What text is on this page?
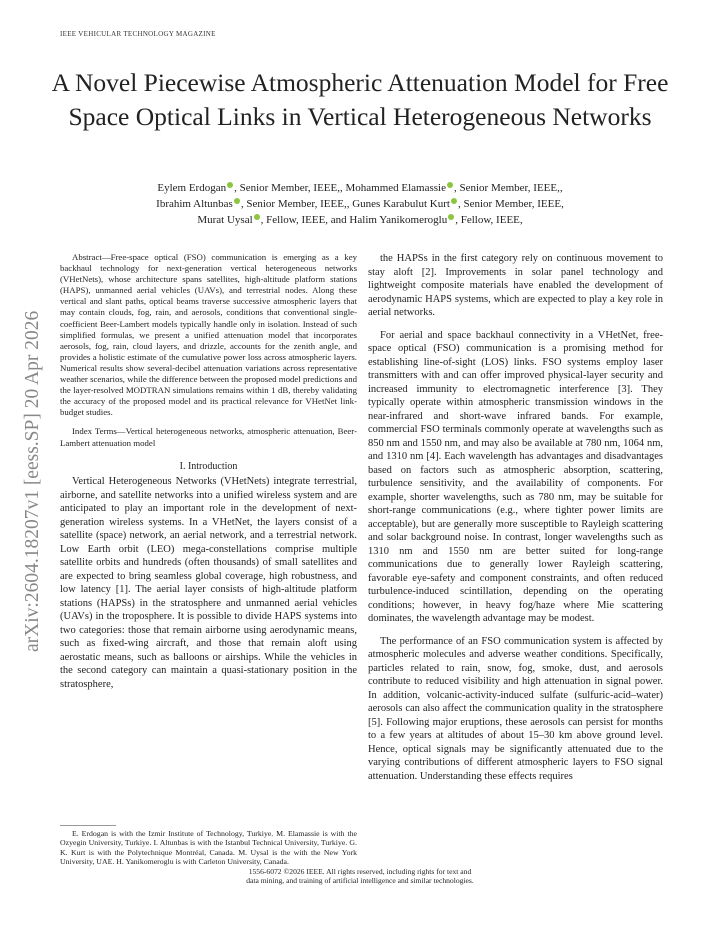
IEEE VEHICULAR TECHNOLOGY MAGAZINE
A Novel Piecewise Atmospheric Attenuation Model for Free Space Optical Links in Vertical Heterogeneous Networks
Eylem Erdogan , Senior Member, IEEE,, Mohammed Elamassie , Senior Member, IEEE,,
Ibrahim Altunbas , Senior Member, IEEE,, Gunes Karabulut Kurt , Senior Member, IEEE,
Murat Uysal , Fellow, IEEE, and Halim Yanikomeroglu , Fellow, IEEE,
arXiv:2604.18207v1 [eess.SP] 20 Apr 2026

Abstract—Free-space optical (FSO) communication is emerging as a key backhaul technology for next-generation vertical heterogeneous networks (VHetNets), whose architecture spans satellites, high-altitude platform stations (HAPS), unmanned aerial vehicles (UAVs), and terrestrial nodes. Along these vertical and slant paths, optical beams traverse successive atmospheric layers that may contain clouds, fog, rain, and aerosols, conditions that conventional single-coefficient Beer-Lambert models typically handle only in isolation. Instead of such simplified formulas, we present a unified attenuation model that incorporates aerosols, fog, rain, cloud layers, and drizzle, accounts for the zenith angle, and provides a holistic estimate of the cumulative power loss across atmospheric layers. Numerical results show several-decibel attenuation variations across representative weather scenarios, while the difference between the proposed model predictions and the layer-resolved MODTRAN simulations remains within 1 dB, thereby validating the accuracy of the proposed model and its practical relevance for VHetNet link-budget studies.

Index Terms—Vertical heterogeneous networks, atmospheric attenuation, Beer-Lambert attenuation model

I. Introduction

Vertical Heterogeneous Networks (VHetNets) integrate terrestrial, airborne, and satellite networks into a unified wireless system and are anticipated to play an important role in the development of next-generation wireless systems. In a VHetNet, the layers consist of a satellite (space) network, an aerial network, and a terrestrial network. Low Earth orbit (LEO) mega-constellations comprise multiple satellite orbits and hundreds (often thousands) of small satellites and are expected to bring seamless global coverage, high robustness, and low latency [1]. The aerial layer consists of high-altitude platform stations (HAPSs) in the stratosphere and unmanned aerial vehicles (UAVs) in the troposphere. It is possible to divide HAPS systems into two categories: those that remain airborne using aerodynamic means, such as fixed-wing aircraft, and those that remain aloft using aerostatic means, such as balloons or airships. While the vehicles in the second category can maintain a quasi-stationary position in the stratosphere,

E. Erdogan is with the Izmir Institute of Technology, Turkiye. M. Elamassie is with the Ozyegin University, Turkiye. I. Altunbas is with the Istanbul Technical University, Turkiye. G. K. Kurt is with the Polytechnique Montréal, Canada. M. Uysal is the with the New York University, UAE. H. Yanikomeroglu is with Carleton University, Canada.

the HAPSs in the first category rely on continuous movement to stay aloft [2]. Improvements in solar panel technology and lightweight composite materials have enabled the development of aerodynamic HAPS systems, which are expected to play a key role in aerial networks.

For aerial and space backhaul connectivity in a VHetNet, free-space optical (FSO) communication is a promising method for establishing line-of-sight (LOS) links. FSO systems employ laser transmitters with and can offer improved physical-layer security and increased immunity to electromagnetic interference [3]. They typically operate within atmospheric transmission windows in the near-infrared and short-wave infrared bands. For example, commercial FSO terminals commonly operate at wavelengths such as 850 nm and 1550 nm, and may also be available at 780 nm, 1064 nm, and 1310 nm [4]. Each wavelength has advantages and disadvantages based on factors such as atmospheric absorption, scattering, turbulence sensitivity, and the availability of components. For example, shorter wavelengths, such as 780 nm, may be suitable for short-range communications (e.g., where tighter power limits are acceptable), but are generally more susceptible to Rayleigh scattering and solar background noise. In contrast, longer wavelengths such as 1310 nm and 1550 nm are better suited for long-range communications due to generally lower Rayleigh scattering, favorable eye-safety and component constraints, and often reduced turbulence-induced scintillation, depending on the operating conditions; however, in heavy fog/haze where Mie scattering dominates, the wavelength advantage may be modest.

The performance of an FSO communication system is affected by atmospheric molecules and adverse weather conditions. Specifically, particles related to rain, snow, fog, smoke, dust, and aerosols contribute to reduced visibility and high attenuation in signal power. In addition, volcanic-activity-induced sulfate (sulfuric-acid–water) aerosols can also affect the communication quality in the stratosphere [5]. Following major eruptions, these aerosols can persist for months to a few years at altitudes of about 15–30 km above ground level. Hence, optical signals may be significantly attenuated due to the varying contributions of different atmospheric layers to FSO signal attenuation. Understanding these effects requires

1556-6072 ©2026 IEEE. All rights reserved, including rights for text and
data mining, and training of artificial intelligence and similar technologies.
